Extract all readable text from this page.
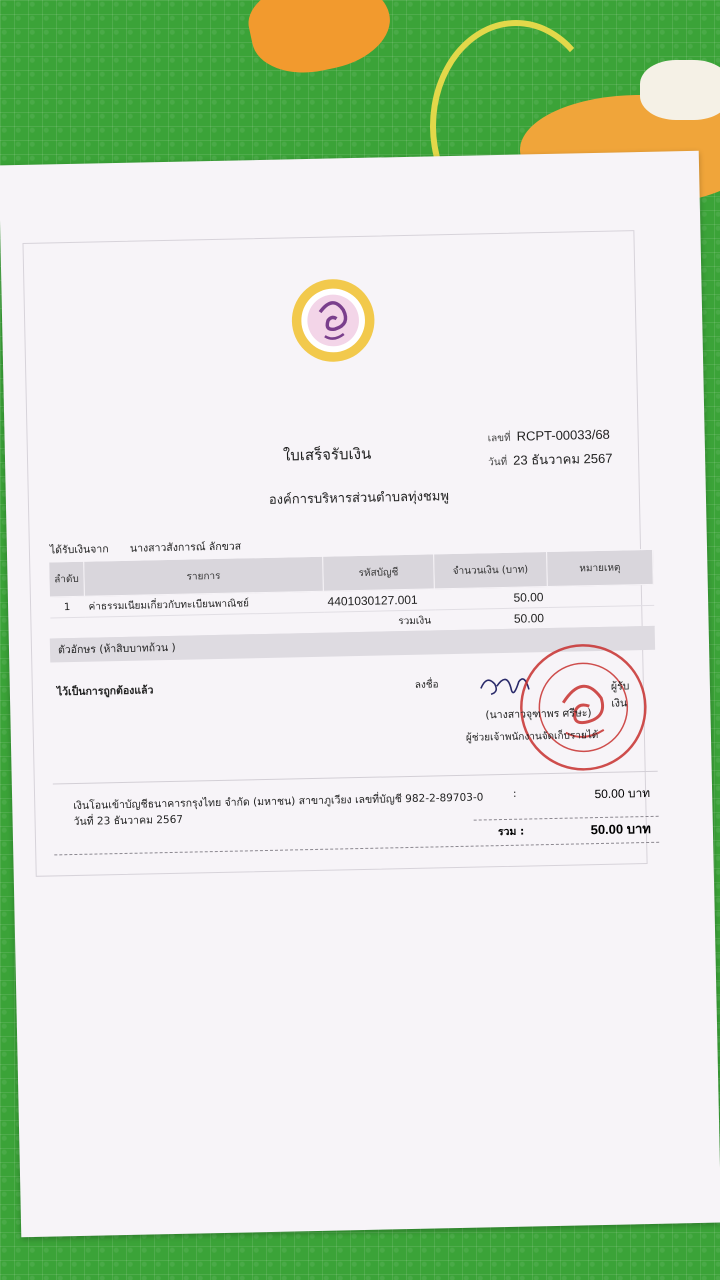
ใบเสร็จรับเงิน
เลขที่ RCPT-00033/68
วันที่ 23 ธันวาคม 2567
องค์การบริหารส่วนตำบลทุ่งชมพู
ได้รับเงินจาก นางสาวสังการณ์ ลักขวส
ลำดับ	รายการ	รหัสบัญชี	จำนวนเงิน (บาท)	หมายเหตุ
1	ค่าธรรมเนียมเกี่ยวกับทะเบียนพาณิชย์	4401030127.001	50.00	
		รวมเงิน	50.00	
ตัวอักษร (ห้าสิบบาทถ้วน )
ไว้เป็นการถูกต้องแล้ว	ลงชื่อ	ผู้รับเงิน
(นางสาวจุฑาพร ศรีษะ)
ผู้ช่วยเจ้าพนักงานจัดเก็บรายได้
เงินโอนเข้าบัญชีธนาคารกรุงไทย จำกัด (มหาชน) สาขาภูเวียง เลขที่บัญชี 982-2-89703-0
วันที่ 23 ธันวาคม 2567
:	50.00 บาท
รวม :	50.00 บาท
